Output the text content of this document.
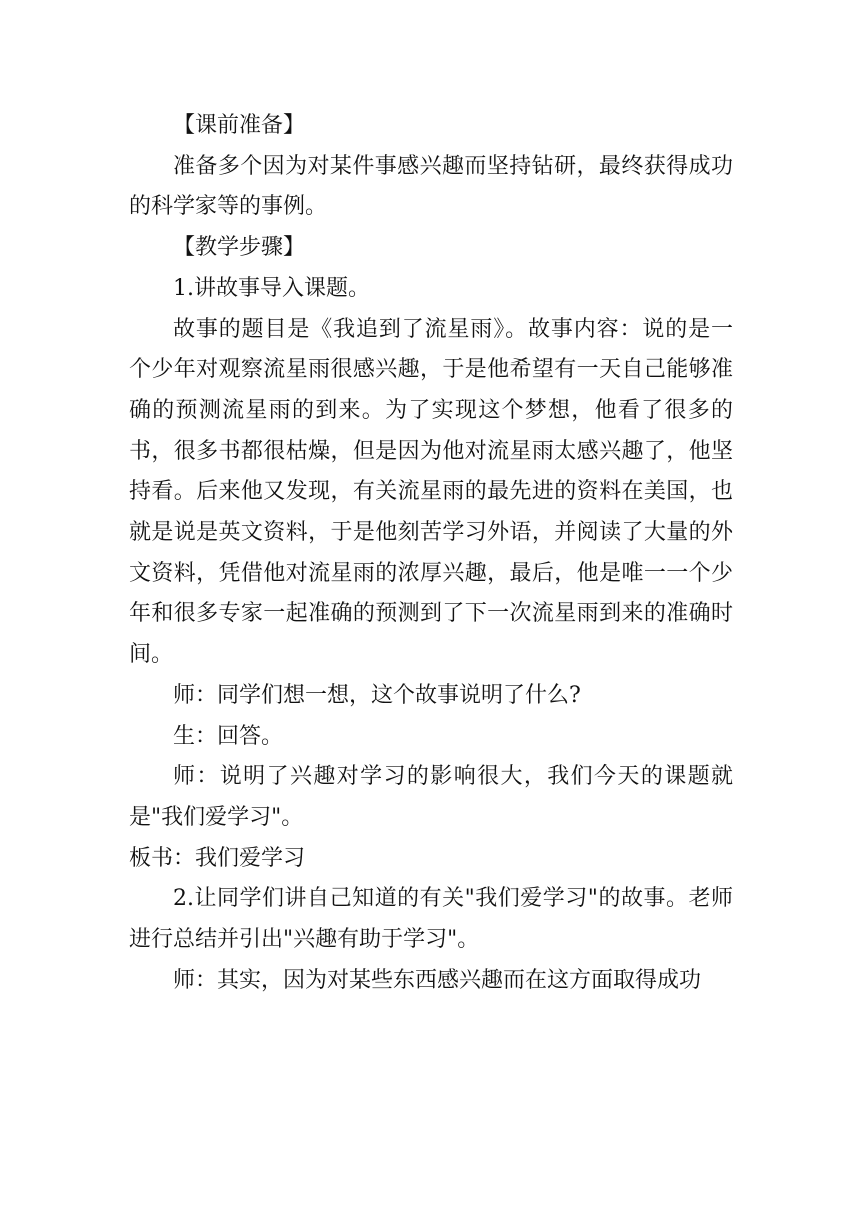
【课前准备】

准备多个因为对某件事感兴趣而坚持钻研，最终获得成功的科学家等的事例。

【教学步骤】

1.讲故事导入课题。

故事的题目是《我追到了流星雨》。故事内容：说的是一个少年对观察流星雨很感兴趣，于是他希望有一天自己能够准确的预测流星雨的到来。为了实现这个梦想，他看了很多的书，很多书都很枯燥，但是因为他对流星雨太感兴趣了，他坚持看。后来他又发现，有关流星雨的最先进的资料在美国，也就是说是英文资料，于是他刻苦学习外语，并阅读了大量的外文资料，凭借他对流星雨的浓厚兴趣，最后，他是唯一一个少年和很多专家一起准确的预测到了下一次流星雨到来的准确时间。

师：同学们想一想，这个故事说明了什么?

生：回答。

师：说明了兴趣对学习的影响很大，我们今天的课题就是"我们爱学习"。

板书：我们爱学习

2.让同学们讲自己知道的有关"我们爱学习"的故事。老师进行总结并引出"兴趣有助于学习"。

师：其实，因为对某些东西感兴趣而在这方面取得成功
